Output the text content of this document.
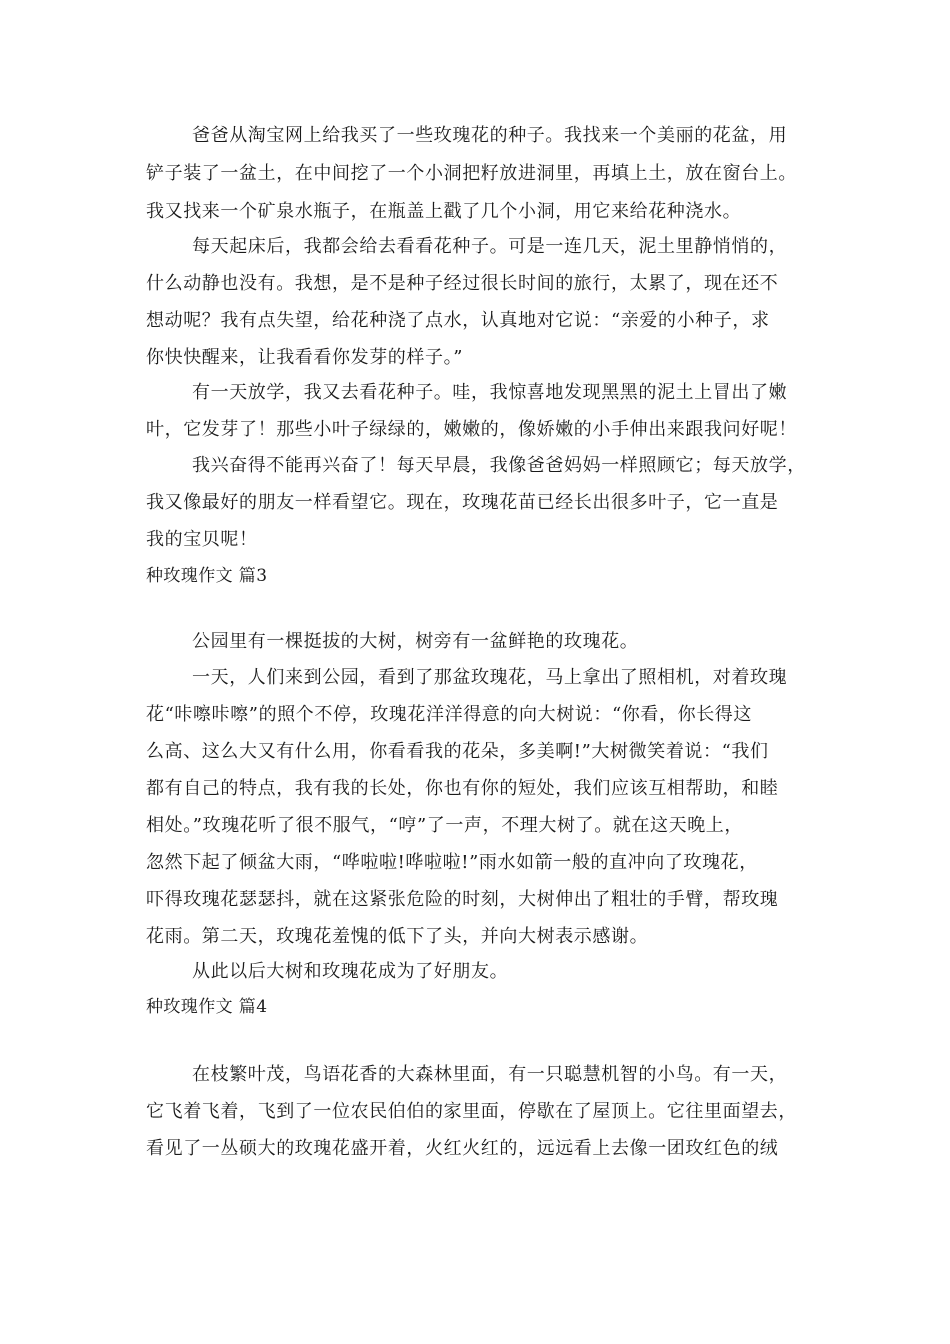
爸爸从淘宝网上给我买了一些玫瑰花的种子。我找来一个美丽的花盆，用
铲子装了一盆土，在中间挖了一个小洞把籽放进洞里，再填上土，放在窗台上。
我又找来一个矿泉水瓶子，在瓶盖上戳了几个小洞，用它来给花种浇水。
每天起床后，我都会给去看看花种子。可是一连几天，泥土里静悄悄的，
什么动静也没有。我想，是不是种子经过很长时间的旅行，太累了，现在还不
想动呢？我有点失望，给花种浇了点水，认真地对它说：“亲爱的小种子，求
你快快醒来，让我看看你发芽的样子。”
有一天放学，我又去看花种子。哇，我惊喜地发现黑黑的泥土上冒出了嫩
叶，它发芽了！那些小叶子绿绿的，嫩嫩的，像娇嫩的小手伸出来跟我问好呢！
我兴奋得不能再兴奋了！每天早晨，我像爸爸妈妈一样照顾它；每天放学，
我又像最好的朋友一样看望它。现在，玫瑰花苗已经长出很多叶子，它一直是
我的宝贝呢！
种玫瑰作文 篇3
公园里有一棵挺拔的大树，树旁有一盆鲜艳的玫瑰花。
一天，人们来到公园，看到了那盆玫瑰花，马上拿出了照相机，对着玫瑰
花“咔嚓咔嚓”的照个不停，玫瑰花洋洋得意的向大树说：“你看，你长得这
么高、这么大又有什么用，你看看我的花朵，多美啊!”大树微笑着说：“我们
都有自己的特点，我有我的长处，你也有你的短处，我们应该互相帮助，和睦
相处。”玫瑰花听了很不服气，“哼”了一声，不理大树了。就在这天晚上，
忽然下起了倾盆大雨，“哗啦啦!哗啦啦!”雨水如箭一般的直冲向了玫瑰花，
吓得玫瑰花瑟瑟抖，就在这紧张危险的时刻，大树伸出了粗壮的手臂，帮玫瑰
花雨。第二天，玫瑰花羞愧的低下了头，并向大树表示感谢。
从此以后大树和玫瑰花成为了好朋友。
种玫瑰作文 篇4
在枝繁叶茂，鸟语花香的大森林里面，有一只聪慧机智的小鸟。有一天，
它飞着飞着，飞到了一位农民伯伯的家里面，停歇在了屋顶上。它往里面望去，
看见了一丛硕大的玫瑰花盛开着，火红火红的，远远看上去像一团玫红色的绒
